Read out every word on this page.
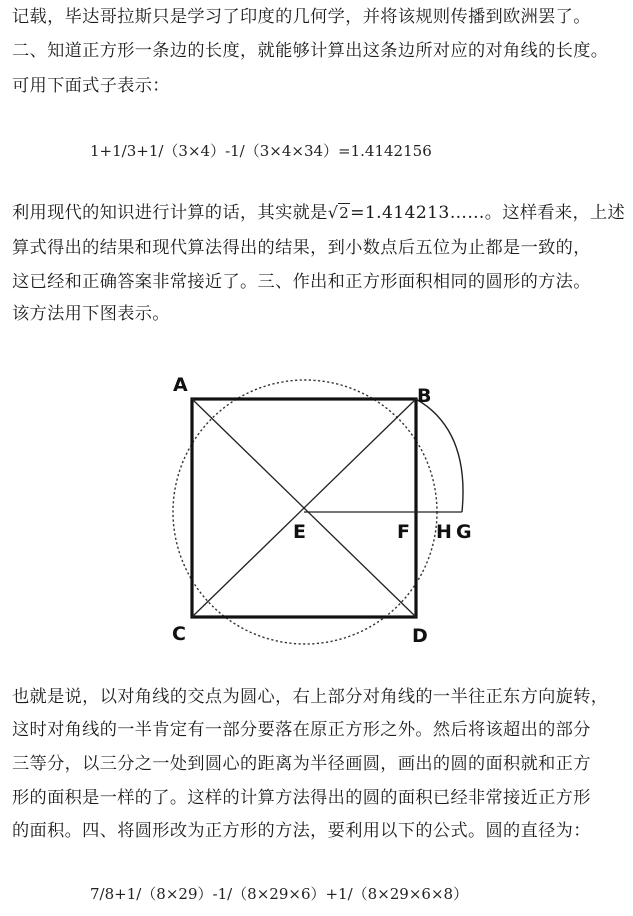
记载，毕达哥拉斯只是学习了印度的几何学，并将该规则传播到欧洲罢了。
二、知道正方形一条边的长度，就能够计算出这条边所对应的对角线的长度。
可用下面式子表示：
1+1/3+1/（3×4）-1/（3×4×34）=1.4142156
利用现代的知识进行计算的话，其实就是√2=1.414213……。这样看来，上述
算式得出的结果和现代算法得出的结果，到小数点后五位为止都是一致的，
这已经和正确答案非常接近了。三、作出和正方形面积相同的圆形的方法。
该方法用下图表示。
A	B
C	D
E	F H G
也就是说，以对角线的交点为圆心，右上部分对角线的一半往正东方向旋转，
这时对角线的一半肯定有一部分要落在原正方形之外。然后将该超出的部分
三等分，以三分之一处到圆心的距离为半径画圆，画出的圆的面积就和正方
形的面积是一样的了。这样的计算方法得出的圆的面积已经非常接近正方形
的面积。四、将圆形改为正方形的方法，要利用以下的公式。圆的直径为：
7/8+1/（8×29）-1/（8×29×6）+1/（8×29×6×8）
